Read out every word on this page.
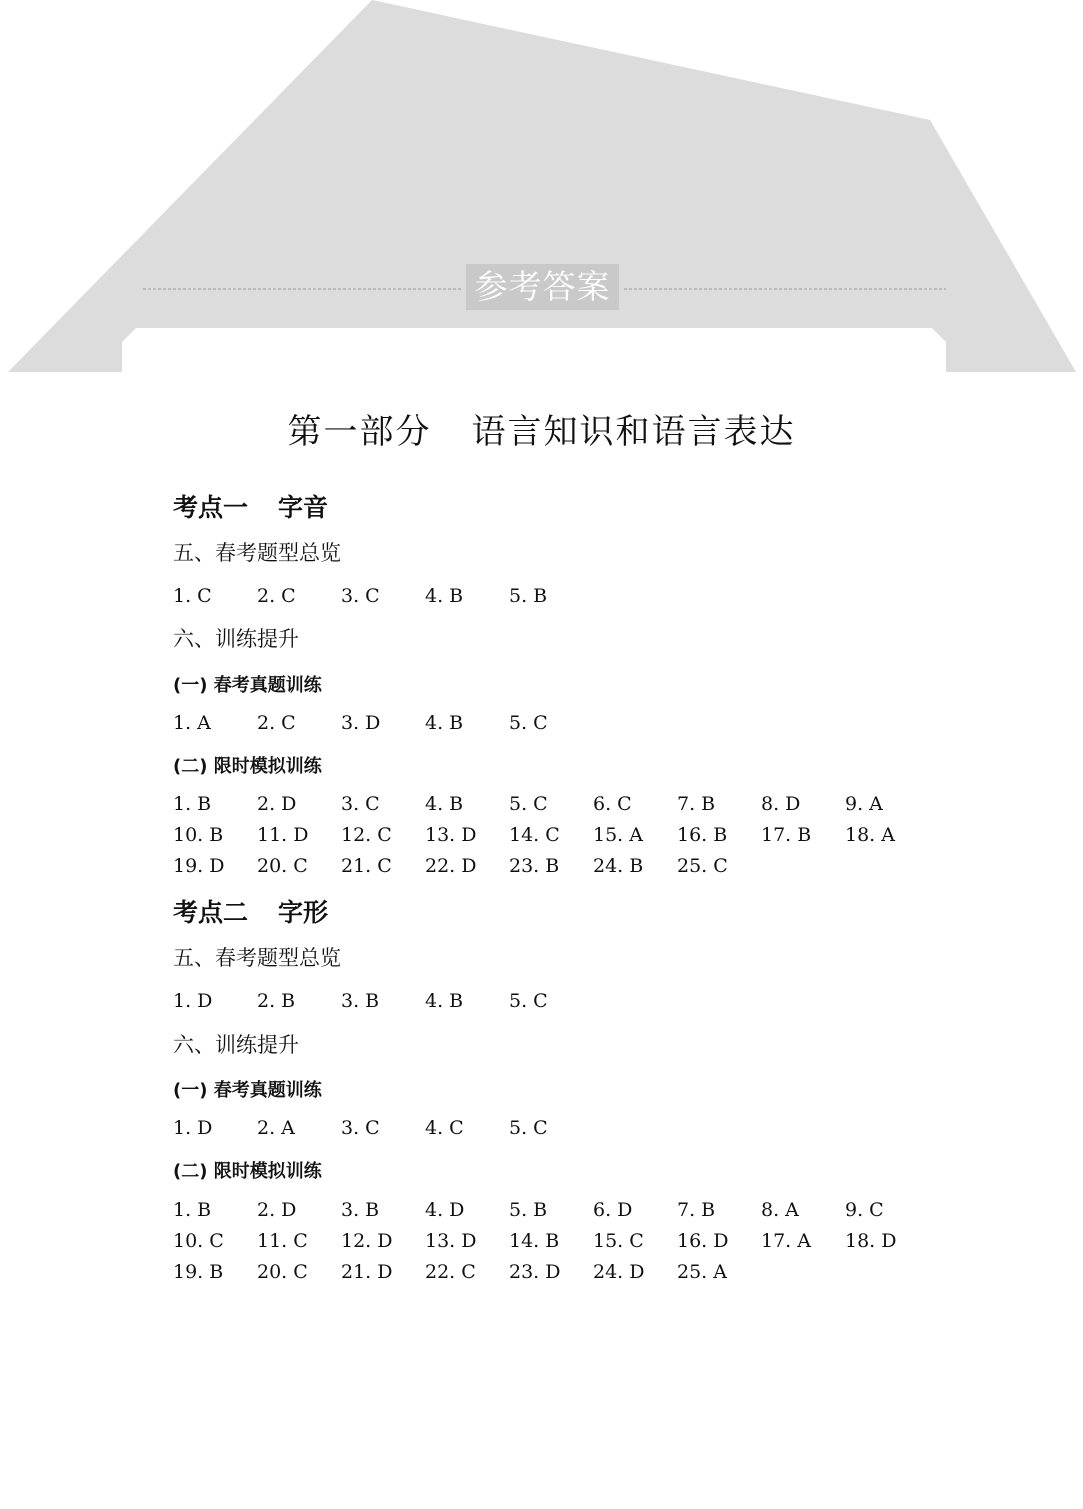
参考答案
第一部分 语言知识和语言表达
考点一 字音
五、春考题型总览
1. C 2. C 3. C 4. B 5. B
六、训练提升
(一) 春考真题训练
1. A 2. C 3. D 4. B 5. C
(二) 限时模拟训练
1. B 2. D 3. C 4. B 5. C 6. C 7. B 8. D 9. A
10. B 11. D 12. C 13. D 14. C 15. A 16. B 17. B 18. A
19. D 20. C 21. C 22. D 23. B 24. B 25. C
考点二 字形
五、春考题型总览
1. D 2. B 3. B 4. B 5. C
六、训练提升
(一) 春考真题训练
1. D 2. A 3. C 4. C 5. C
(二) 限时模拟训练
1. B 2. D 3. B 4. D 5. B 6. D 7. B 8. A 9. C
10. C 11. C 12. D 13. D 14. B 15. C 16. D 17. A 18. D
19. B 20. C 21. D 22. C 23. D 24. D 25. A
